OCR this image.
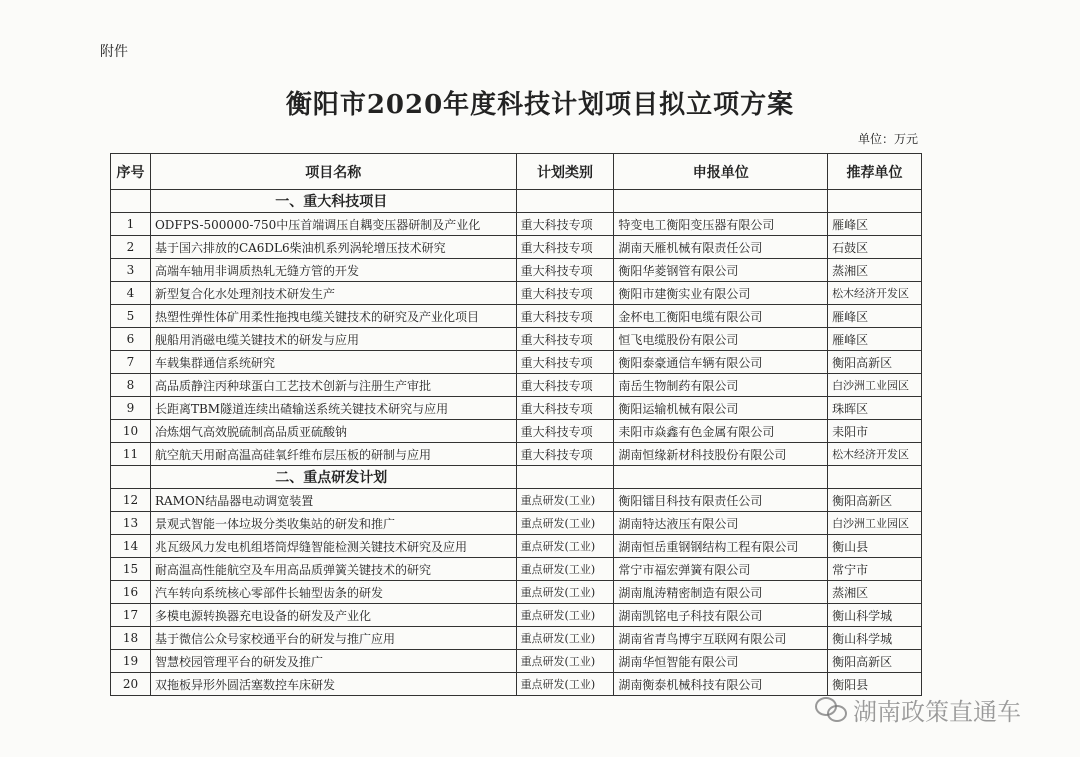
附件
衡阳市2020年度科技计划项目拟立项方案
单位：万元
序号	项目名称	计划类别	申报单位	推荐单位
	一、重大科技项目			
1	ODFPS-500000-750中压首端调压自耦变压器研制及产业化	重大科技专项	特变电工衡阳变压器有限公司	雁峰区
2	基于国六排放的CA6DL6柴油机系列涡轮增压技术研究	重大科技专项	湖南天雁机械有限责任公司	石鼓区
3	高端车轴用非调质热轧无缝方管的开发	重大科技专项	衡阳华菱钢管有限公司	蒸湘区
4	新型复合化水处理剂技术研发生产	重大科技专项	衡阳市建衡实业有限公司	松木经济开发区
5	热塑性弹性体矿用柔性拖拽电缆关键技术的研究及产业化项目	重大科技专项	金杯电工衡阳电缆有限公司	雁峰区
6	舰船用消磁电缆关键技术的研发与应用	重大科技专项	恒飞电缆股份有限公司	雁峰区
7	车载集群通信系统研究	重大科技专项	衡阳泰豪通信车辆有限公司	衡阳高新区
8	高品质静注丙种球蛋白工艺技术创新与注册生产审批	重大科技专项	南岳生物制药有限公司	白沙洲工业园区
9	长距离TBM隧道连续出碴输送系统关键技术研究与应用	重大科技专项	衡阳运输机械有限公司	珠晖区
10	冶炼烟气高效脱硫制高品质亚硫酸钠	重大科技专项	耒阳市焱鑫有色金属有限公司	耒阳市
11	航空航天用耐高温高硅氧纤维布层压板的研制与应用	重大科技专项	湖南恒缘新材科技股份有限公司	松木经济开发区
	二、重点研发计划			
12	RAMON结晶器电动调宽装置	重点研发(工业)	衡阳镭目科技有限责任公司	衡阳高新区
13	景观式智能一体垃圾分类收集站的研发和推广	重点研发(工业)	湖南特达液压有限公司	白沙洲工业园区
14	兆瓦级风力发电机组塔筒焊缝智能检测关键技术研究及应用	重点研发(工业)	湖南恒岳重钢钢结构工程有限公司	衡山县
15	耐高温高性能航空及车用高品质弹簧关键技术的研究	重点研发(工业)	常宁市福宏弹簧有限公司	常宁市
16	汽车转向系统核心零部件长轴型齿条的研发	重点研发(工业)	湖南胤涛精密制造有限公司	蒸湘区
17	多模电源转换器充电设备的研发及产业化	重点研发(工业)	湖南凯铭电子科技有限公司	衡山科学城
18	基于微信公众号家校通平台的研发与推广应用	重点研发(工业)	湖南省青鸟博宇互联网有限公司	衡山科学城
19	智慧校园管理平台的研发及推广	重点研发(工业)	湖南华恒智能有限公司	衡阳高新区
20	双拖板异形外圆活塞数控车床研发	重点研发(工业)	湖南衡泰机械科技有限公司	衡阳县
湖南政策直通车
